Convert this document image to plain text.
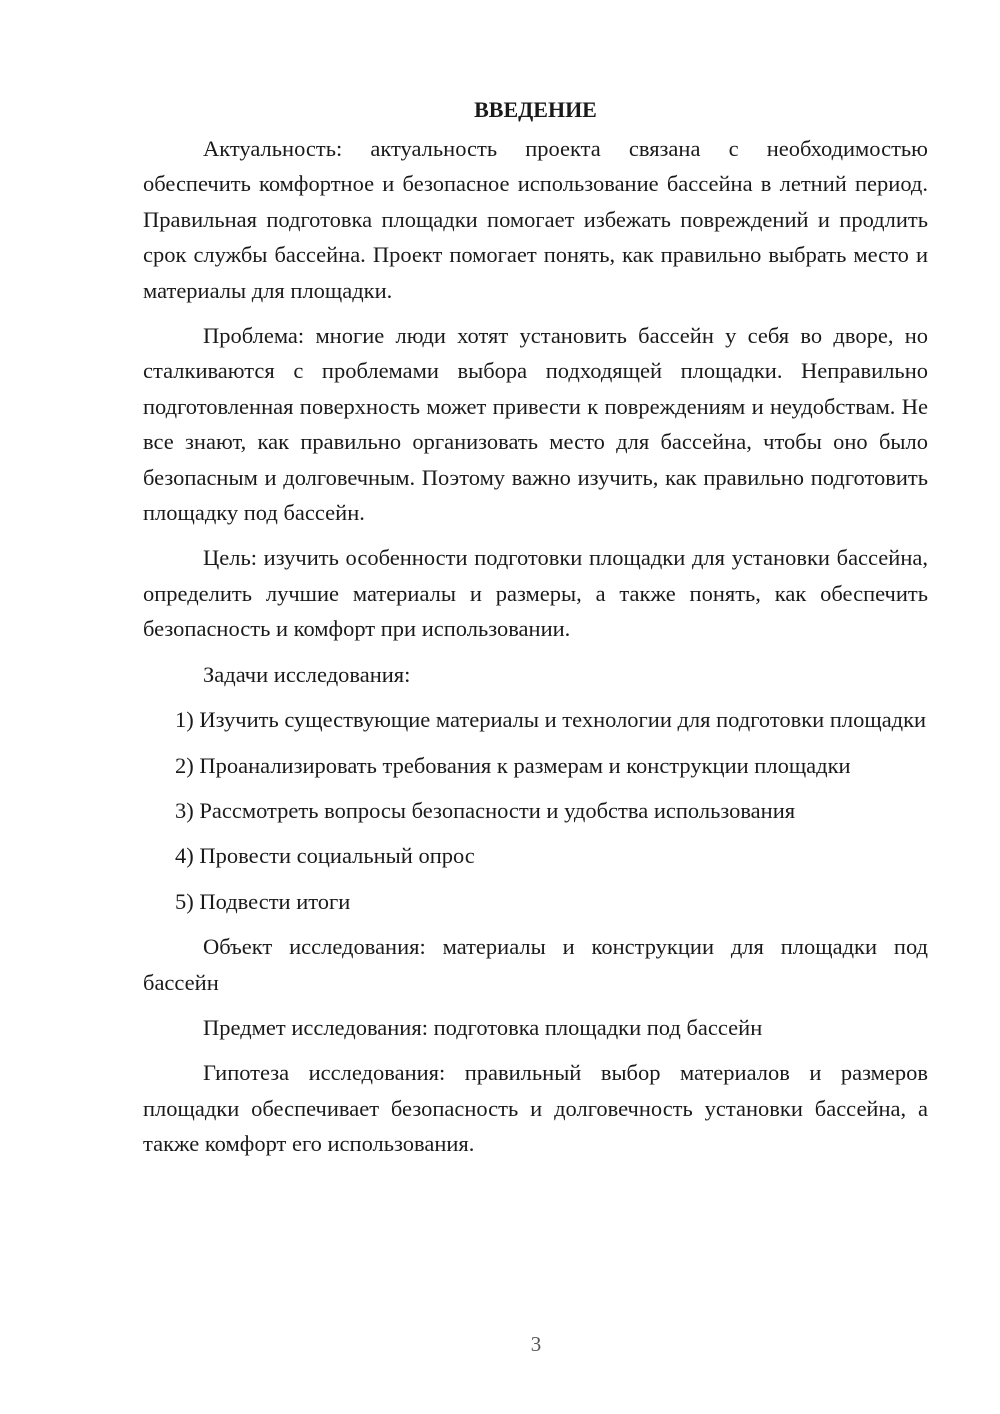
ВВЕДЕНИЕ

Актуальность: актуальность проекта связана с необходимостью обеспечить комфортное и безопасное использование бассейна в летний период. Правильная подготовка площадки помогает избежать повреждений и продлить срок службы бассейна. Проект помогает понять, как правильно выбрать место и материалы для площадки.

Проблема: многие люди хотят установить бассейн у себя во дворе, но сталкиваются с проблемами выбора подходящей площадки. Неправильно подготовленная поверхность может привести к повреждениям и неудобствам. Не все знают, как правильно организовать место для бассейна, чтобы оно было безопасным и долговечным. Поэтому важно изучить, как правильно подготовить площадку под бассейн.

Цель: изучить особенности подготовки площадки для установки бассейна, определить лучшие материалы и размеры, а также понять, как обеспечить безопасность и комфорт при использовании.

Задачи исследования:

1) Изучить существующие материалы и технологии для подготовки площадки

2) Проанализировать требования к размерам и конструкции площадки

3) Рассмотреть вопросы безопасности и удобства использования

4) Провести социальный опрос

5) Подвести итоги

Объект исследования: материалы и конструкции для площадки под бассейн

Предмет исследования: подготовка площадки под бассейн

Гипотеза исследования: правильный выбор материалов и размеров площадки обеспечивает безопасность и долговечность установки бассейна, а также комфорт его использования.

3
